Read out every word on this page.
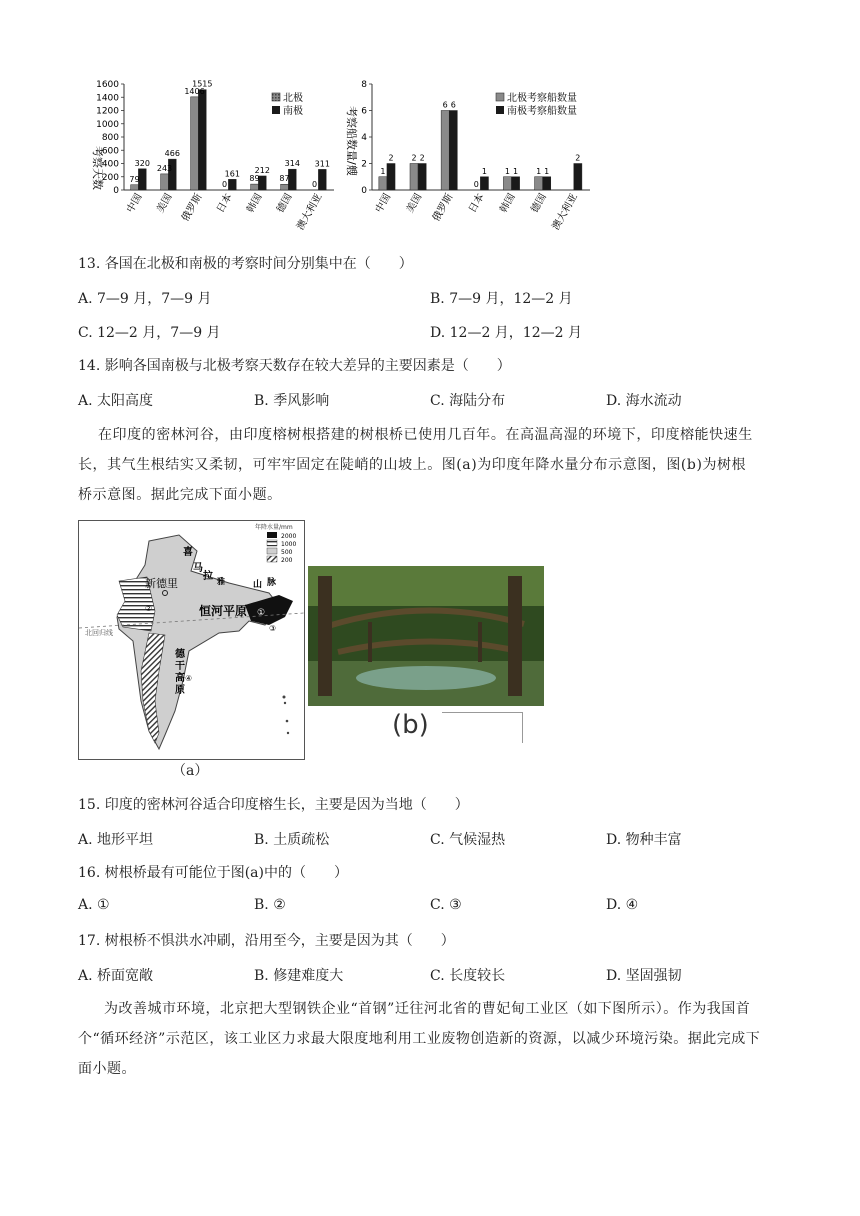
0
200
400
600
800
1000
1200
1400
1600
79
320
中国
243
466
美国
1406
1515
俄罗斯
0
161
日本
89
212
韩国
87
314
德国
0
311
澳大利亚
考察天数
北极
南极
0
2
4
6
8
1
2
中国
2 2
美国
6 6
俄罗斯
0
1
日本
1 1
韩国
1 1
德国
2
澳大利亚
考察船数量/艘
北极考察船数量
南极考察船数量
13. 各国在北极和南极的考察时间分别集中在（　　）
A. 7—9 月，7—9 月	B. 7—9 月，12—2 月
C. 12—2 月，7—9 月	D. 12—2 月，12—2 月
14. 影响各国南极与北极考察天数存在较大差异的主要因素是（　　）
A. 太阳高度	B. 季风影响	C. 海陆分布	D. 海水流动
在印度的密林河谷，由印度榕树根搭建的树根桥已使用几百年。在高温高湿的环境下，印度榕能快速生
长，其气生根结实又柔韧，可牢牢固定在陡峭的山坡上。图(a)为印度年降水量分布示意图，图(b)为树根
桥示意图。据此完成下面小题。
年降水量/mm
2000
1000
500
200
喜
马
拉 雅	山 脉
新德里
恒河平原
北回归线
德
干
高
原
①
②
③
④
（a）
(b)
15. 印度的密林河谷适合印度榕生长，主要是因为当地（　　）
A. 地形平坦	B. 土质疏松	C. 气候湿热	D. 物种丰富
16. 树根桥最有可能位于图(a)中的（　　）
A. ①	B. ②	C. ③	D. ④
17. 树根桥不惧洪水冲刷，沿用至今，主要是因为其（　　）
A. 桥面宽敞	B. 修建难度大	C. 长度较长	D. 坚固强韧
为改善城市环境，北京把大型钢铁企业“首钢”迁往河北省的曹妃甸工业区（如下图所示）。作为我国首
个“循环经济”示范区，该工业区力求最大限度地利用工业废物创造新的资源，以减少环境污染。据此完成下
面小题。
